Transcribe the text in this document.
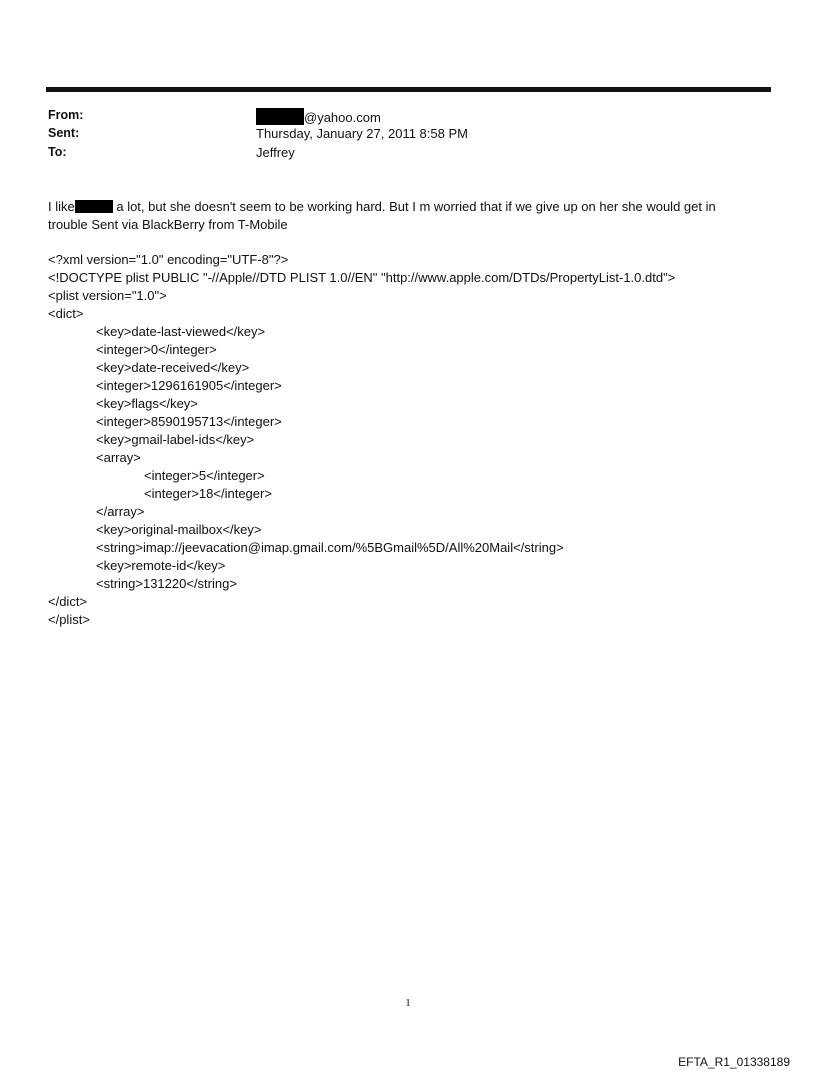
From:	@yahoo.com
Sent:	Thursday, January 27, 2011 8:58 PM
To:	Jeffrey
I like	a lot, but she doesn't seem to be working hard. But I m worried that if we give up on her she would get in
trouble Sent via BlackBerry from T-Mobile
<?xml version="1.0" encoding="UTF-8"?>
<!DOCTYPE plist PUBLIC "-//Apple//DTD PLIST 1.0//EN" "http://www.apple.com/DTDs/PropertyList-1.0.dtd">
<plist version="1.0">
<dict>
<key>date-last-viewed</key>
<integer>0</integer>
<key>date-received</key>
<integer>1296161905</integer>
<key>flags</key>
<integer>8590195713</integer>
<key>gmail-label-ids</key>
<array>
<integer>5</integer>
<integer>18</integer>
</array>
<key>original-mailbox</key>
<string>imap://jeevacation@imap.gmail.com/%5BGmail%5D/All%20Mail</string>
<key>remote-id</key>
<string>131220</string>
</dict>
</plist>
1
EFTA_R1_01338189
